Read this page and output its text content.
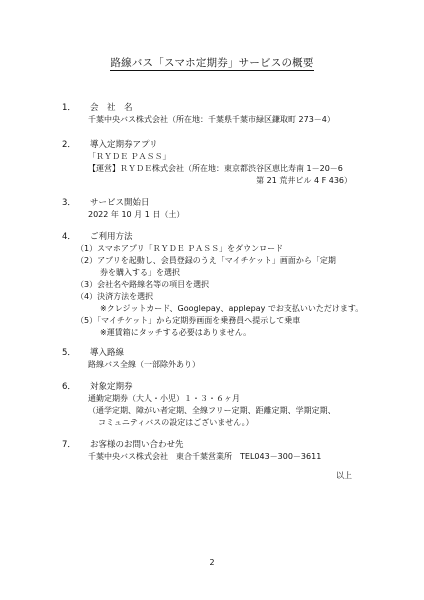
路線バス「スマホ定期券」サービスの概要
1． 会　社　名
千葉中央バス株式会社（所在地：千葉県千葉市緑区鎌取町 273－4）
2． 導入定期券アプリ
「ＲＹＤＥ ＰＡＳＳ」
【運営】ＲＹＤＥ株式会社（所在地：東京都渋谷区恵比寿南 1－20－6
第 21 荒井ビル 4 F 436）
3． サービス開始日
2022 年 10 月 1 日（土）
4． ご利用方法
（1）スマホアプリ「ＲＹＤＥ ＰＡＳＳ」をダウンロード
（2）アプリを起動し、会員登録のうえ「マイチケット」画面から「定期
券を購入する」を選択
（3）会社名や路線名等の項目を選択
（4）決済方法を選択
※クレジットカード、Googlepay、applepay でお支払いいただけます。
（5）「マイチケット」から定期券画面を乗務員へ提示して乗車
※運賃箱にタッチする必要はありません。
5． 導入路線
路線バス全線（一部除外あり）
6． 対象定期券
通勤定期券（大人・小児）１・３・６ヶ月
（通学定期、障がい者定期、全線フリー定期、距離定期、学期定期、
コミュニティバスの設定はございません。）
7． お客様のお問い合わせ先
千葉中央バス株式会社　東合千葉営業所　TEL043－300－3611
以上
2
